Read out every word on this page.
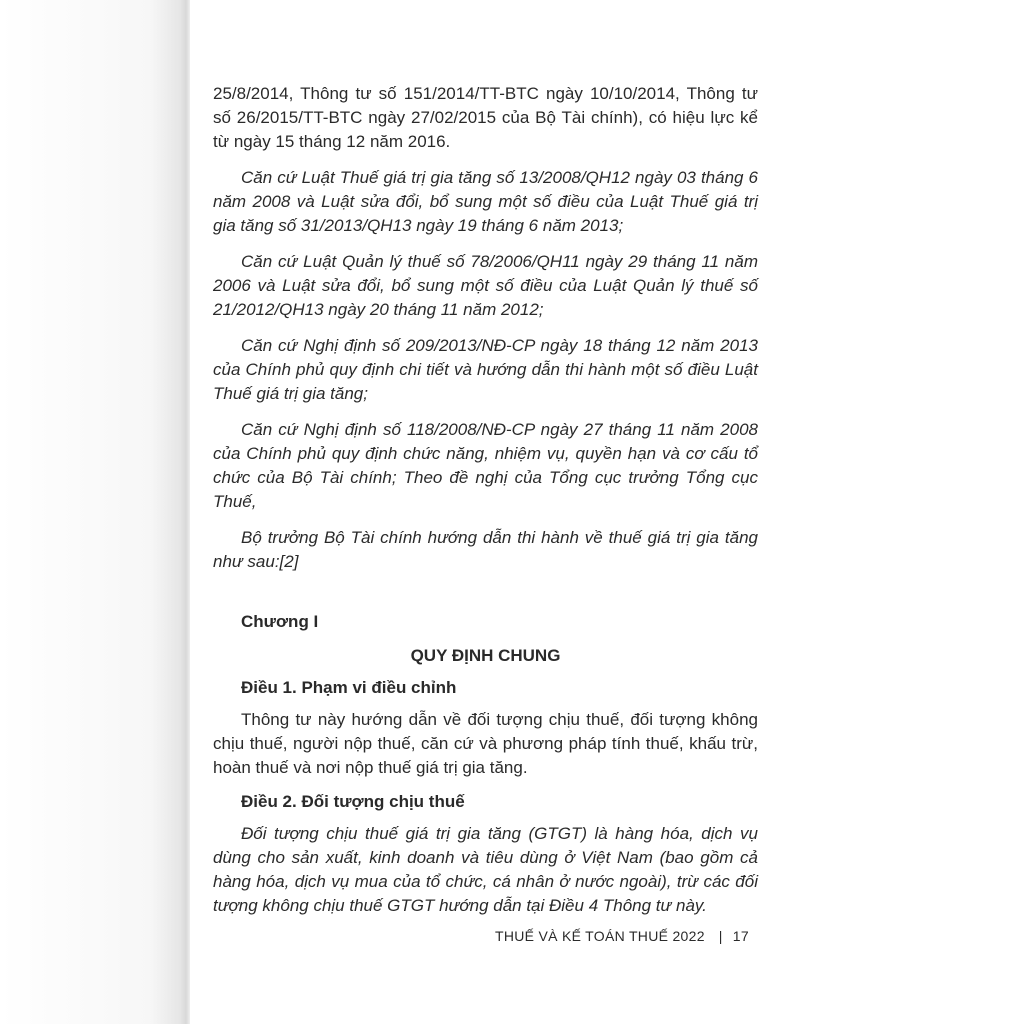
25/8/2014, Thông tư số 151/2014/TT-BTC ngày 10/10/2014, Thông tư số 26/2015/TT-BTC ngày 27/02/2015 của Bộ Tài chính), có hiệu lực kể từ ngày 15 tháng 12 năm 2016.

Căn cứ Luật Thuế giá trị gia tăng số 13/2008/QH12 ngày 03 tháng 6 năm 2008 và Luật sửa đổi, bổ sung một số điều của Luật Thuế giá trị gia tăng số 31/2013/QH13 ngày 19 tháng 6 năm 2013;

Căn cứ Luật Quản lý thuế số 78/2006/QH11 ngày 29 tháng 11 năm 2006 và Luật sửa đổi, bổ sung một số điều của Luật Quản lý thuế số 21/2012/QH13 ngày 20 tháng 11 năm 2012;

Căn cứ Nghị định số 209/2013/NĐ-CP ngày 18 tháng 12 năm 2013 của Chính phủ quy định chi tiết và hướng dẫn thi hành một số điều Luật Thuế giá trị gia tăng;

Căn cứ Nghị định số 118/2008/NĐ-CP ngày 27 tháng 11 năm 2008 của Chính phủ quy định chức năng, nhiệm vụ, quyền hạn và cơ cấu tổ chức của Bộ Tài chính; Theo đề nghị của Tổng cục trưởng Tổng cục Thuế,

Bộ trưởng Bộ Tài chính hướng dẫn thi hành về thuế giá trị gia tăng như sau:[2]

Chương I

QUY ĐỊNH CHUNG

Điều 1. Phạm vi điều chỉnh

Thông tư này hướng dẫn về đối tượng chịu thuế, đối tượng không chịu thuế, người nộp thuế, căn cứ và phương pháp tính thuế, khấu trừ, hoàn thuế và nơi nộp thuế giá trị gia tăng.

Điều 2. Đối tượng chịu thuế

Đối tượng chịu thuế giá trị gia tăng (GTGT) là hàng hóa, dịch vụ dùng cho sản xuất, kinh doanh và tiêu dùng ở Việt Nam (bao gồm cả hàng hóa, dịch vụ mua của tổ chức, cá nhân ở nước ngoài), trừ các đối tượng không chịu thuế GTGT hướng dẫn tại Điều 4 Thông tư này.

THUẾ VÀ KẾ TOÁN THUẾ 2022 | 17
